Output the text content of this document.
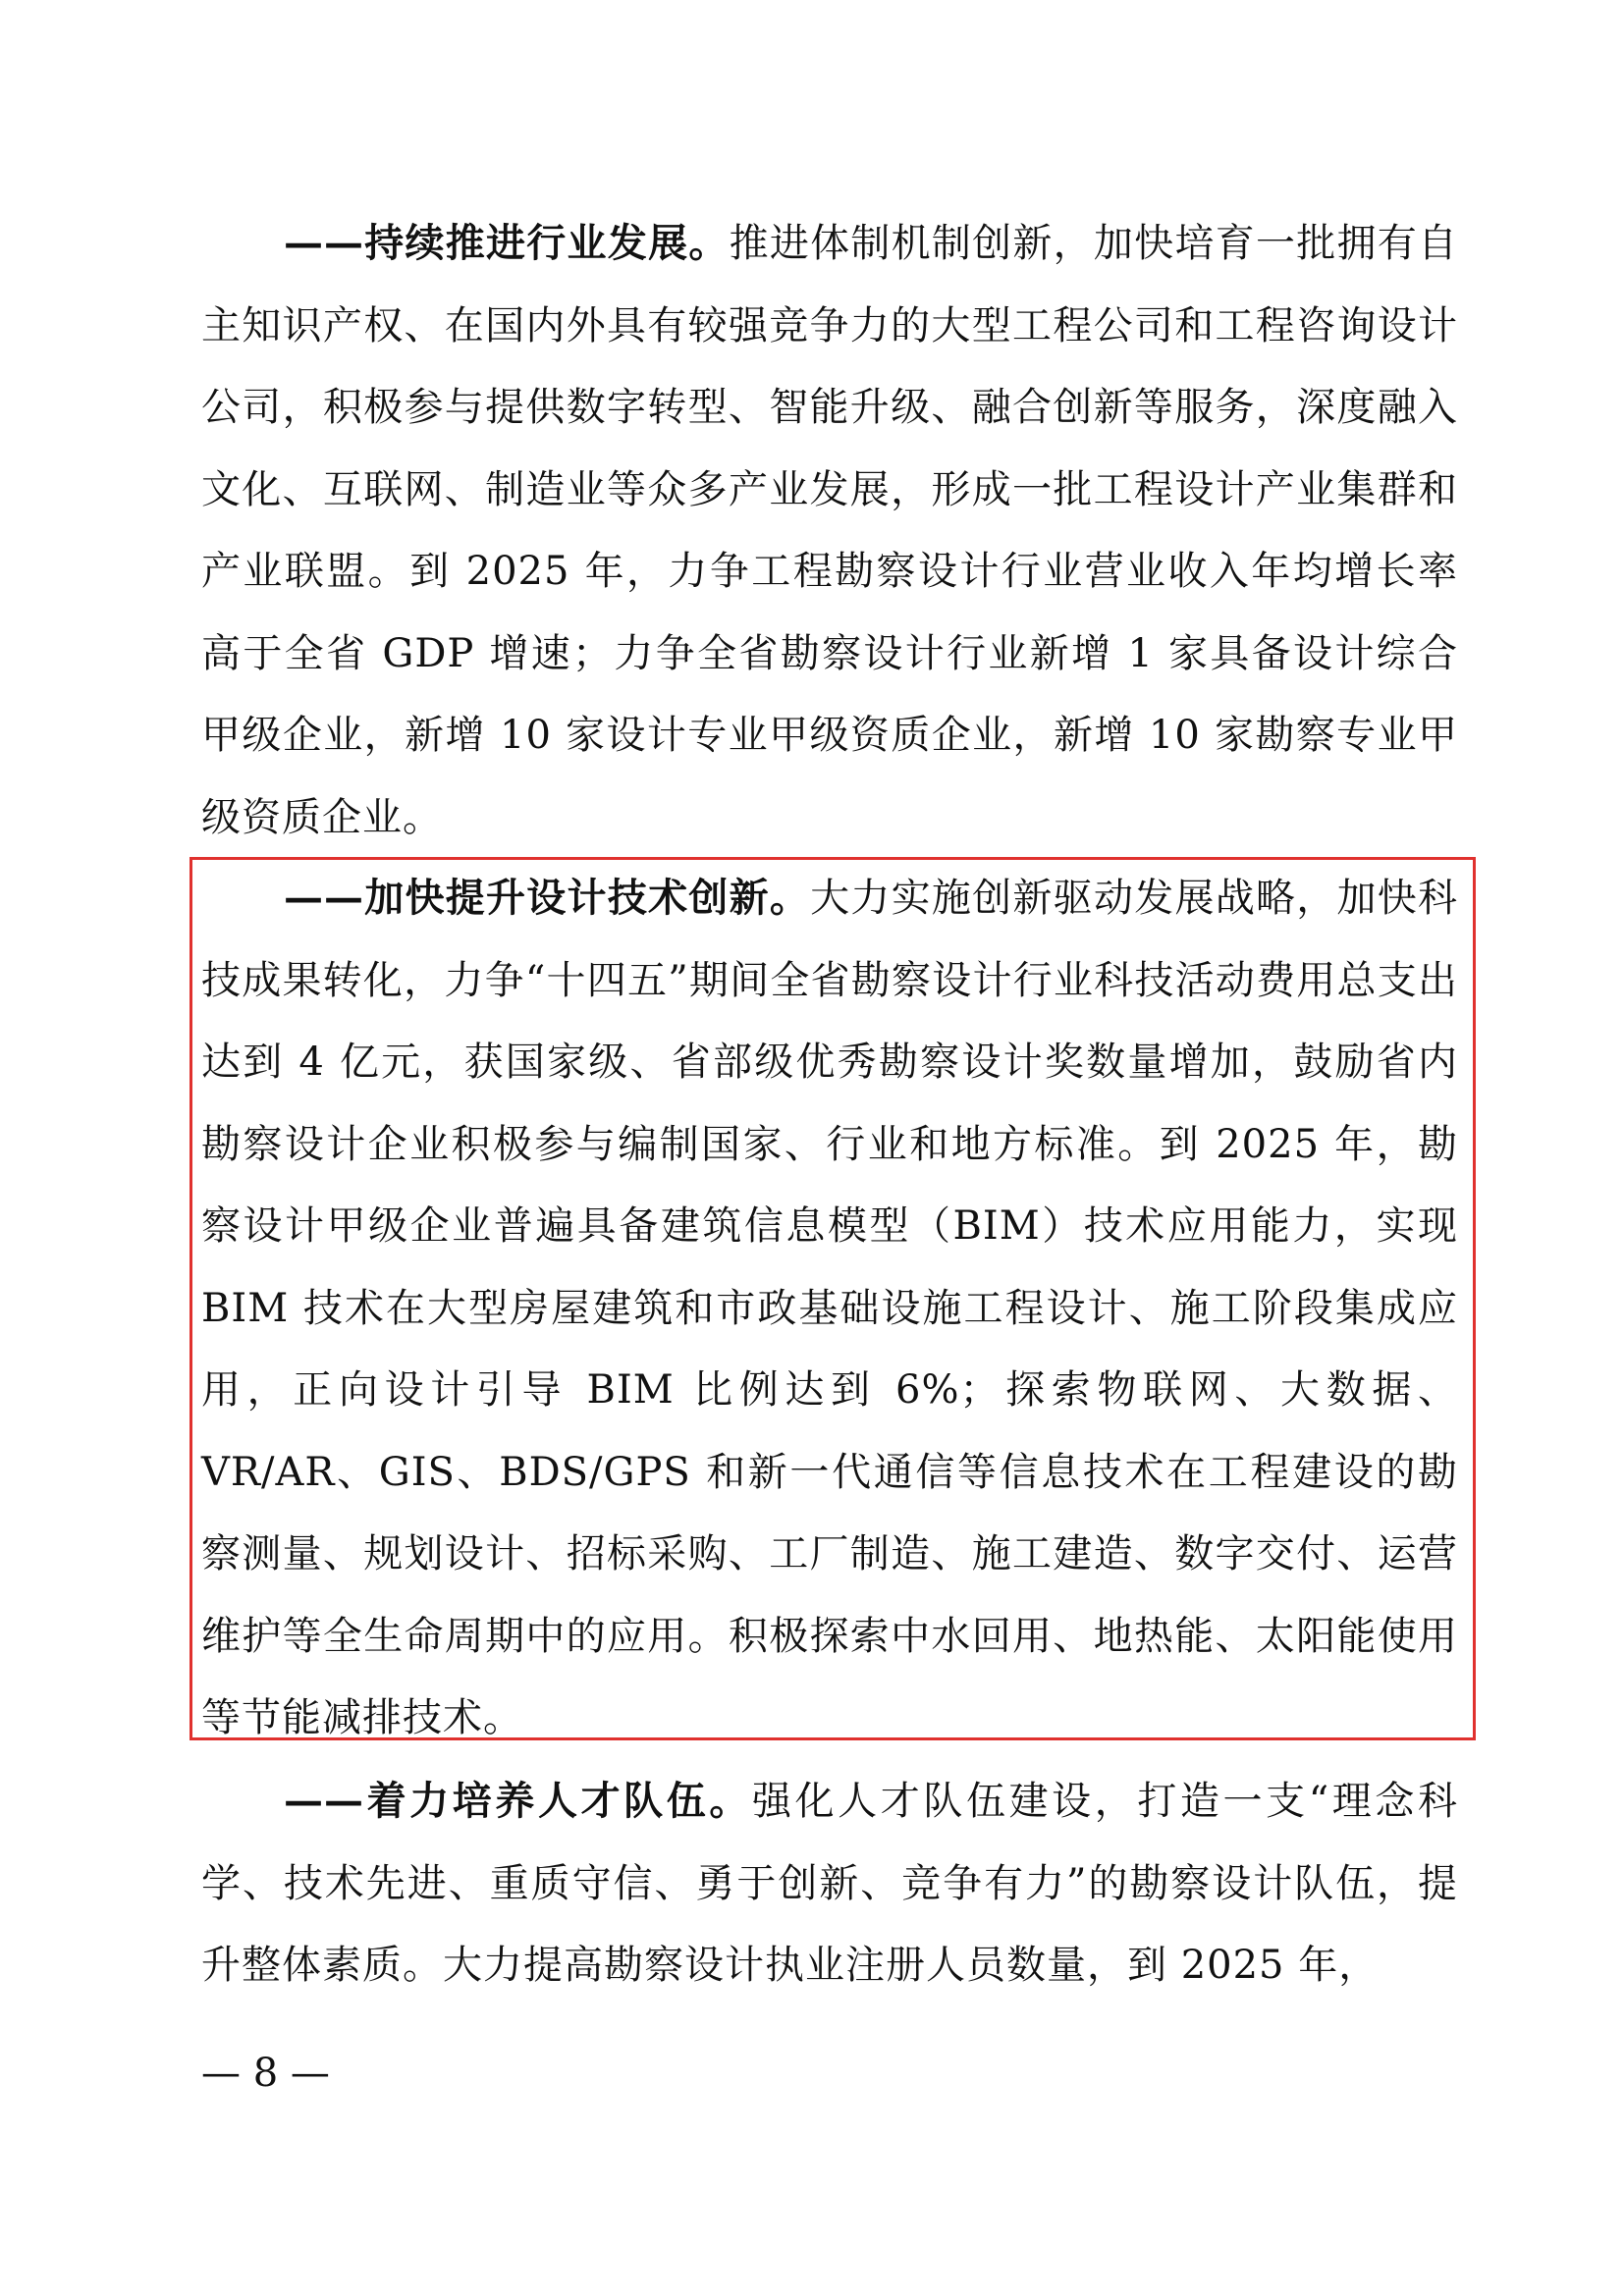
——持续推进行业发展。推进体制机制创新，加快培育一批拥有自主知识产权、在国内外具有较强竞争力的大型工程公司和工程咨询设计公司，积极参与提供数字转型、智能升级、融合创新等服务，深度融入文化、互联网、制造业等众多产业发展，形成一批工程设计产业集群和产业联盟。到 2025 年，力争工程勘察设计行业营业收入年均增长率高于全省 GDP 增速；力争全省勘察设计行业新增 1 家具备设计综合甲级企业，新增 10 家设计专业甲级资质企业，新增 10 家勘察专业甲级资质企业。

——加快提升设计技术创新。大力实施创新驱动发展战略，加快科技成果转化，力争“十四五”期间全省勘察设计行业科技活动费用总支出达到 4 亿元，获国家级、省部级优秀勘察设计奖数量增加，鼓励省内勘察设计企业积极参与编制国家、行业和地方标准。到 2025 年，勘察设计甲级企业普遍具备建筑信息模型（BIM）技术应用能力，实现 BIM 技术在大型房屋建筑和市政基础设施工程设计、施工阶段集成应用，正向设计引导 BIM 比例达到 6%；探索物联网、大数据、VR/AR、GIS、BDS/GPS 和新一代通信等信息技术在工程建设的勘察测量、规划设计、招标采购、工厂制造、施工建造、数字交付、运营维护等全生命周期中的应用。积极探索中水回用、地热能、太阳能使用等节能减排技术。

——着力培养人才队伍。强化人才队伍建设，打造一支“理念科学、技术先进、重质守信、勇于创新、竞争有力”的勘察设计队伍，提升整体素质。大力提高勘察设计执业注册人员数量，到 2025 年，

— 8 —
